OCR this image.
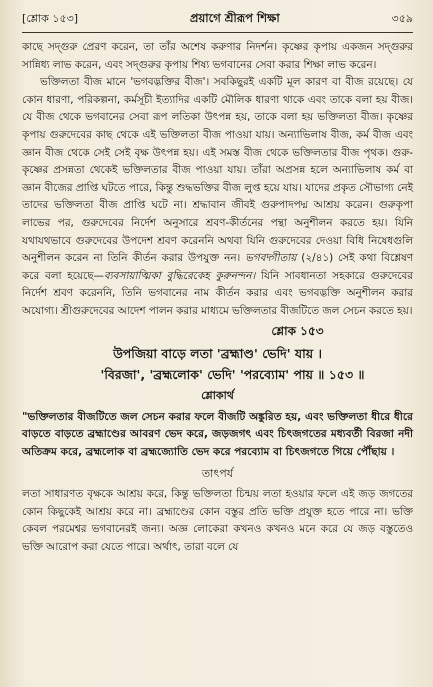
[শ্লোক ১৫৩]	প্রয়াগে শ্রীরূপ শিক্ষা	৩৫৯

কাছে সদ্‌গুরু প্রেরণ করেন, তা তাঁর অশেষ করুণার নিদর্শন। কৃষ্ণের কৃপায় একজন সদ্‌গুরুর সান্নিধ্য লাভ করেন, এবং সদ্‌গুরুর কৃপায় শিষ্য ভগবানের সেবা করার শিক্ষা লাভ করেন।

ভক্তিলতা বীজ মানে 'ভগবদ্ভক্তির বীজ'। সবকিছুরই একটি মূল কারণ বা বীজ রয়েছে। যে কোন ধারণা, পরিকল্পনা, কর্মসূচী ইত্যাদির একটি মৌলিক ধারণা থাকে এবং তাকে বলা হয় বীজ। যে বীজ থেকে ভগবানের সেবা রূপ লতিকা উৎপন্ন হয়, তাকে বলা হয় ভক্তিলতা বীজ। কৃষ্ণের কৃপায় গুরুদেবের কাছ থেকে এই ভক্তিলতা বীজ পাওয়া যায়। অন্যাভিলাষ বীজ, কর্ম বীজ এবং জ্ঞান বীজ থেকে সেই সেই বৃক্ষ উৎপন্ন হয়। এই সমস্ত বীজ থেকে ভক্তিলতার বীজ পৃথক। গুরু-কৃষ্ণের প্রসন্নতা থেকেই ভক্তিলতার বীজ পাওয়া যায়। তাঁরা অপ্রসন্ন হলে অন্যাভিলাষ কর্ম বা জ্ঞান বীজের প্রাপ্তি ঘটতে পারে, কিন্তু শুদ্ধভক্তির বীজ লুপ্ত হয়ে যায়। যাদের প্রকৃত সৌভাগ্য নেই তাদের ভক্তিলতা বীজ প্রাপ্তি ঘটে না। শ্রদ্ধাবান জীবই গুরুপাদপদ্ম আশ্রয় করেন। গুরুকৃপা লাভের পর, গুরুদেবের নির্দেশ অনুসারে শ্রবণ-কীর্তনের পন্থা অনুশীলন করতে হয়। যিনি যথাযথভাবে গুরুদেবের উপদেশ শ্রবণ করেননি অথবা যিনি গুরুদেবের দেওয়া বিধি নিষেধগুলি অনুশীলন করেন না তিনি কীর্তন করার উপযুক্ত নন। ভগবদ্গীতায় (২/৪১) সেই কথা বিশ্লেষণ করে বলা হয়েছে—ব্যবসায়াত্মিকা বুদ্ধিরেকেহ কুরুনন্দন। যিনি সাবধানতা সহকারে গুরুদেবের নির্দেশ শ্রবণ করেননি, তিনি ভগবানের নাম কীর্তন করার এবং ভগবদ্ভক্তি অনুশীলন করার অযোগ্য। শ্রীগুরুদেবের আদেশ পালন করার মাধ্যমে ভক্তিলতার বীজটিতে জল সেচন করতে হয়।

শ্লোক ১৫৩
উপজিয়া বাড়ে লতা 'ব্রহ্মাণ্ড' ভেদি' যায় ।
'বিরজা', 'ব্রহ্মলোক' ভেদি' 'পরব্যোম' পায় ॥ ১৫৩ ॥
শ্লোকার্থ
"ভক্তিলতার বীজটিতে জল সেচন করার ফলে বীজটি অঙ্কুরিত হয়, এবং ভক্তিলতা ধীরে ধীরে বাড়তে বাড়তে ব্রহ্মাণ্ডের আবরণ ভেদ করে, জড়জগৎ এবং চিৎজগতের মধ্যবর্তী বিরজা নদী অতিক্রম করে, ব্রহ্মলোক বা ব্রহ্মজ্যোতি ভেদ করে পরব্যোম বা চিৎজগতে গিয়ে পৌঁছায় ।
তাৎপর্য

লতা সাধারণত বৃক্ষকে আশ্রয় করে, কিন্তু ভক্তিলতা চিন্ময় লতা হওয়ার ফলে এই জড় জগতের কোন কিছুকেই আশ্রয় করে না। ব্রহ্মাণ্ডের কোন বস্তুর প্রতি ভক্তি প্রযুক্ত হতে পারে না। ভক্তি কেবল পরমেশ্বর ভগবানেরই জন্য। অজ্ঞ লোকেরা কখনও কখনও মনে করে যে জড় বস্তুতেও ভক্তি আরোপ করা যেতে পারে। অর্থাৎ, তারা বলে যে
